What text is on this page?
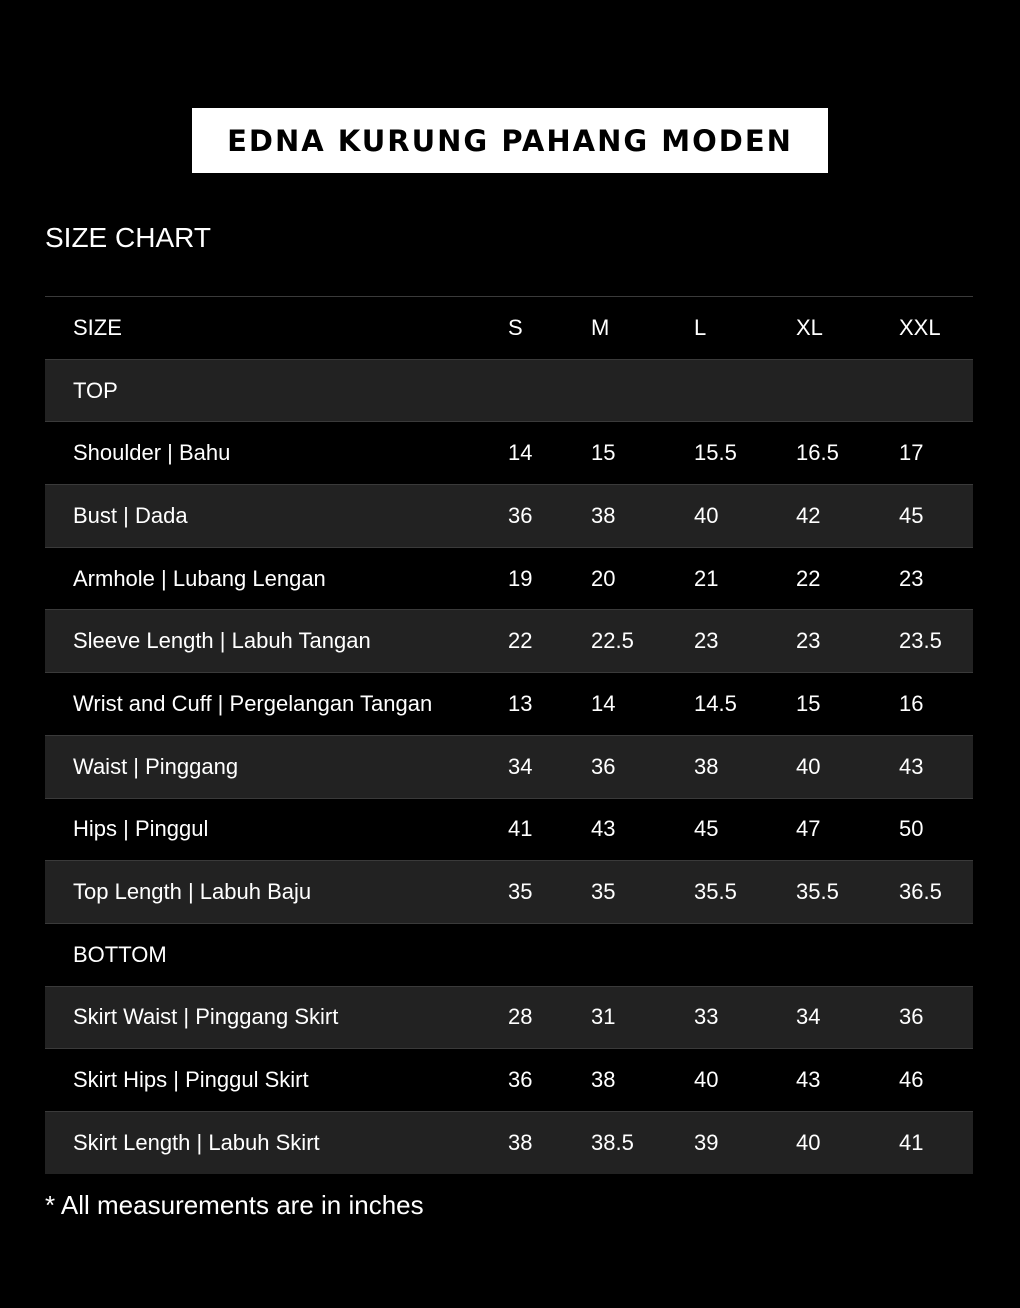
EDNA KURUNG PAHANG MODEN
SIZE CHART
SIZE	S	M	L	XL	XXL
TOP					
Shoulder | Bahu	14	15	15.5	16.5	17
Bust | Dada	36	38	40	42	45
Armhole | Lubang Lengan	19	20	21	22	23
Sleeve Length | Labuh Tangan	22	22.5	23	23	23.5
Wrist and Cuff | Pergelangan Tangan	13	14	14.5	15	16
Waist | Pinggang	34	36	38	40	43
Hips | Pinggul	41	43	45	47	50
Top Length | Labuh Baju	35	35	35.5	35.5	36.5
BOTTOM					
Skirt Waist | Pinggang Skirt	28	31	33	34	36
Skirt Hips | Pinggul Skirt	36	38	40	43	46
Skirt Length | Labuh Skirt	38	38.5	39	40	41
* All measurements are in inches
